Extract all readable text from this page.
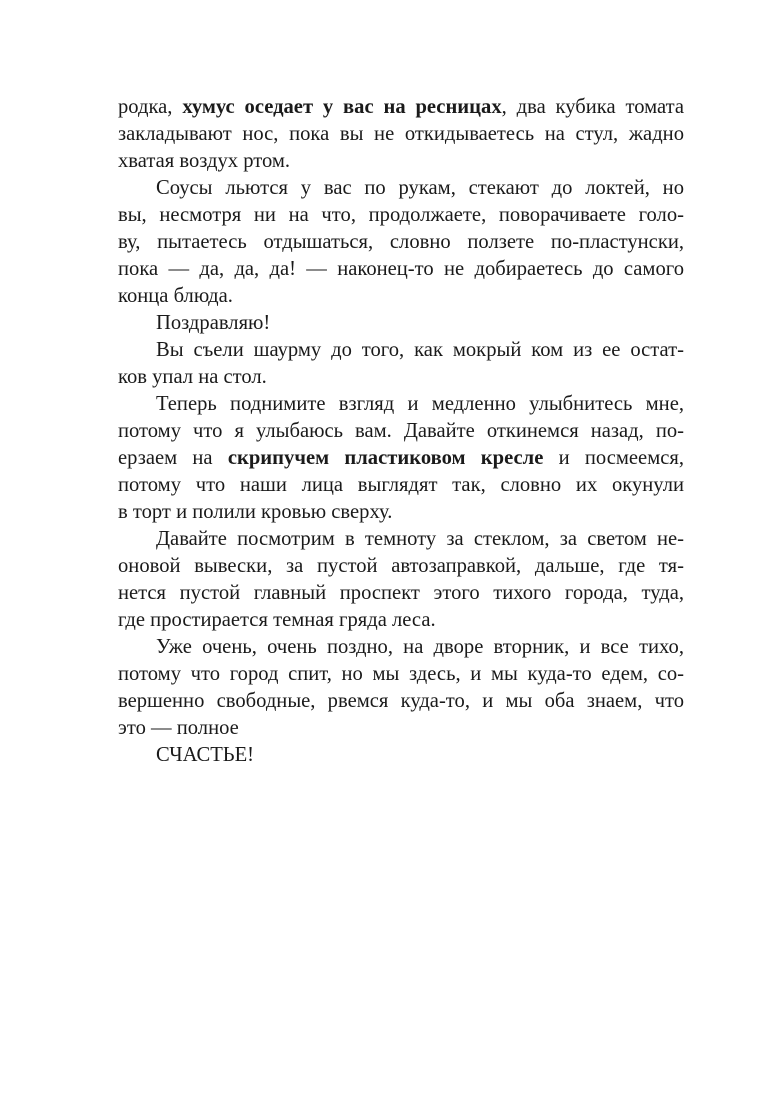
родка, хумус оседает у вас на ресницах, два кубика томата
закладывают нос, пока вы не откидываетесь на стул, жадно
хватая воздух ртом.
Соусы льются у вас по рукам, стекают до локтей, но
вы, несмотря ни на что, продолжаете, поворачиваете голо-
ву, пытаетесь отдышаться, словно ползете по-пластунски,
пока — да, да, да! — наконец-то не добираетесь до самого
конца блюда.
Поздравляю!
Вы съели шаурму до того, как мокрый ком из ее остат-
ков упал на стол.
Теперь поднимите взгляд и медленно улыбнитесь мне,
потому что я улыбаюсь вам. Давайте откинемся назад, по-
ерзаем на скрипучем пластиковом кресле и посмеемся,
потому что наши лица выглядят так, словно их окунули
в торт и полили кровью сверху.
Давайте посмотрим в темноту за стеклом, за светом не-
оновой вывески, за пустой автозаправкой, дальше, где тя-
нется пустой главный проспект этого тихого города, туда,
где простирается темная гряда леса.
Уже очень, очень поздно, на дворе вторник, и все тихо,
потому что город спит, но мы здесь, и мы куда-то едем, со-
вершенно свободные, рвемся куда-то, и мы оба знаем, что
это — полное
СЧАСТЬЕ!
